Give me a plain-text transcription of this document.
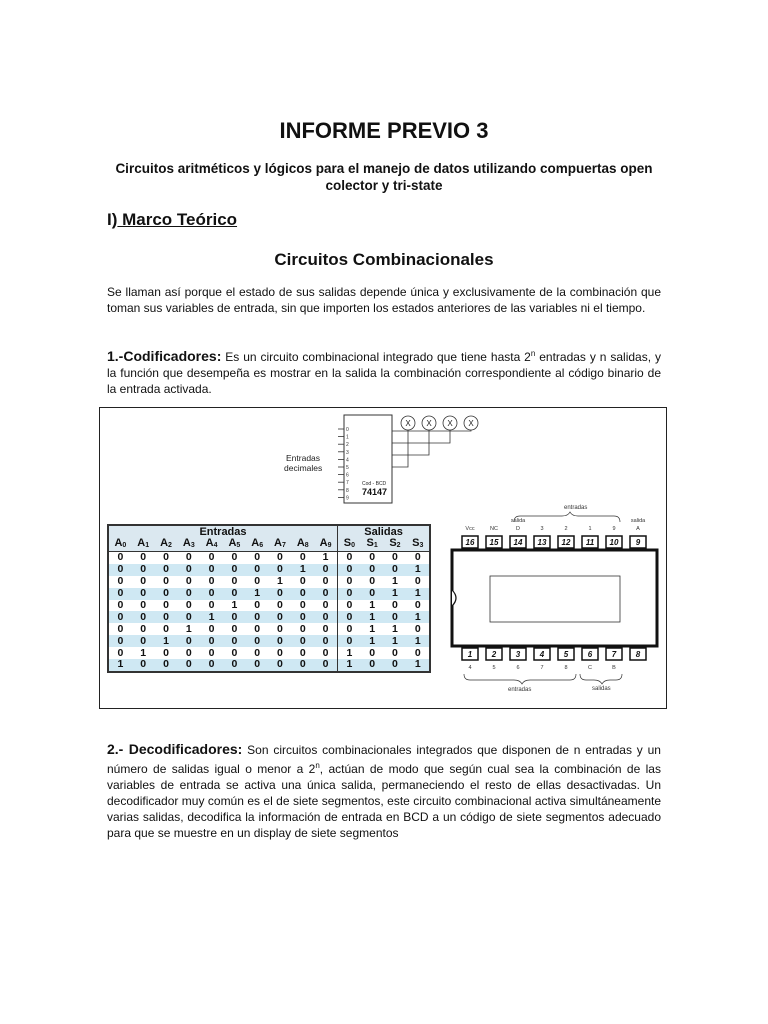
INFORME PREVIO 3
Circuitos aritméticos y lógicos para el manejo de datos utilizando compuertas open colector y tri-state
I) Marco Teórico
Circuitos Combinacionales
Se llaman así porque el estado de sus salidas depende única y exclusivamente de la combinación que toman sus variables de entrada, sin que importen los estados anteriores de las variables ni el tiempo.
1.-Codificadores: Es un circuito combinacional integrado que tiene hasta 2$^n$ entradas y n salidas, y la función que desempeña es mostrar en la salida la combinación correspondiente al código binario de la entrada activada.
0
1
2
3
4
5
6
7
8
9
Entradas
decimales
Cod - BCD
74147
X X X X
Entradas										Salidas			
$A_0$	$A_1$	$A_2$	$A_3$	$A_4$	$A_5$	$A_6$	$A_7$	$A_8$	$A_9$	$S_0$	$S_1$	$S_2$	$S_3$
0	0	0	0	0	0	0	0	0	1	0	0	0	0
0	0	0	0	0	0	0	0	1	0	0	0	0	1
0	0	0	0	0	0	0	1	0	0	0	0	1	0
0	0	0	0	0	0	1	0	0	0	0	0	1	1
0	0	0	0	0	1	0	0	0	0	0	1	0	0
0	0	0	0	1	0	0	0	0	0	0	1	0	1
0	0	0	1	0	0	0	0	0	0	0	1	1	0
0	0	1	0	0	0	0	0	0	0	0	1	1	1
0	1	0	0	0	0	0	0	0	0	1	0	0	0
1	0	0	0	0	0	0	0	0	0	1	0	0	1
entradas
Vcc
16
NC
15
salida
D
14
3
13
2
12
1
11
9
10
salida
A
9
1
4
2
5
3
6
4
7
5
8
6
C
7
B
8
entradas	salidas
2.- Decodificadores: Son circuitos combinacionales integrados que disponen de n entradas y un número de salidas igual o menor a 2$^n$, actúan de modo que según cual sea la combinación de las variables de entrada se activa una única salida, permaneciendo el resto de ellas desactivadas. Un decodificador muy común es el de siete segmentos, este circuito combinacional activa simultáneamente varias salidas, decodifica la información de entrada en BCD a un código de siete segmentos adecuado para que se muestre en un display de siete segmentos
